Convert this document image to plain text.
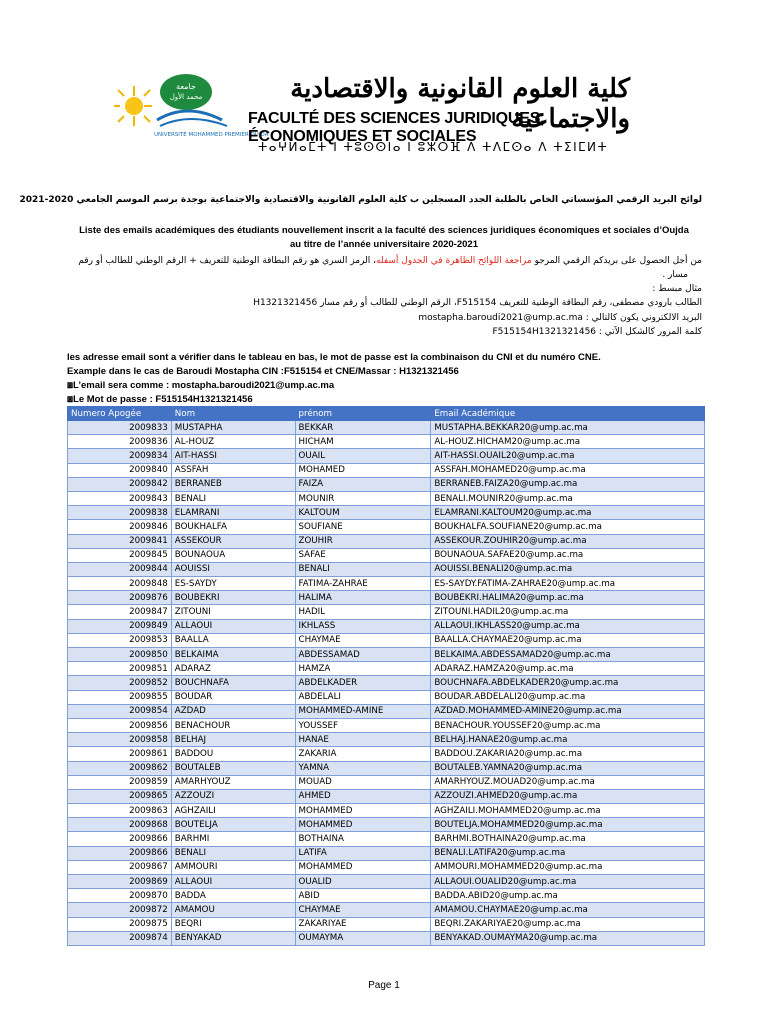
جامعة
محمد الأول
UNIVERSITÉ MOHAMMED PREMIER OUJDA
كلية العلوم القانونية والاقتصادية والاجتماعية
FACULTÉ DES SCIENCES JURIDIQUES, ÉCONOMIQUES ET SOCIALES
ⵜⴰⵖⵍⴰⵎⵜ ⵏ ⵜⵓⵙⵙⵏⴰ ⵏ ⵓⵣⵔⴼ ⴷ ⵜⴷⵎⵙⴰ ⴷ ⵜⵉⵏⵎⵍⵜ
لوائح البريد الرقمي المؤسساتي الخاص بالطلبة الجدد المسجلين ب كلية العلوم القانونية والاقتصادية والاجتماعية بوجدة برسم الموسم الجامعي 2020-2021
Liste des emails académiques des étudiants nouvellement inscrit a la faculté des sciences juridiques économiques et sociales d’Oujda
au titre de l’année universitaire 2020-2021
من أجل الحصول على بريدكم الرقمي المرجو مراجعة اللوائح الظاهرة في الجدول أسفله، الرمز السري هو رقم البطاقة الوطنية للتعريف + الرقم الوطني للطالب أو رقم
مسار .
مثال مبسط :
الطالب بارودي مصطفى، رقم البطاقة الوطنية للتعريف F515154، الرقم الوطني للطالب أو رقم مسار H1321321456
البريد الالكتروني يكون كالتالي : mostapha.baroudi2021@ump.ac.ma
كلمة المرور كالشكل الآتي : F515154H1321321456
les adresse email sont a vérifier dans le tableau en bas, le mot de passe est la combinaison du CNI et du numéro CNE.
Example dans le cas de Baroudi Mostapha CIN :F515154 et CNE/Massar : H1321321456
⧆L’email sera comme : mostapha.baroudi2021@ump.ac.ma
⧆Le Mot de passe : F515154H1321321456
Numero Apogée	Nom	prénom	Email Académique
2009833	MUSTAPHA	BEKKAR	MUSTAPHA.BEKKAR20@ump.ac.ma
2009836	AL-HOUZ	HICHAM	AL-HOUZ.HICHAM20@ump.ac.ma
2009834	AIT-HASSI	OUAIL	AIT-HASSI.OUAIL20@ump.ac.ma
2009840	ASSFAH	MOHAMED	ASSFAH.MOHAMED20@ump.ac.ma
2009842	BERRANEB	FAIZA	BERRANEB.FAIZA20@ump.ac.ma
2009843	BENALI	MOUNIR	BENALI.MOUNIR20@ump.ac.ma
2009838	ELAMRANI	KALTOUM	ELAMRANI.KALTOUM20@ump.ac.ma
2009846	BOUKHALFA	SOUFIANE	BOUKHALFA.SOUFIANE20@ump.ac.ma
2009841	ASSEKOUR	ZOUHIR	ASSEKOUR.ZOUHIR20@ump.ac.ma
2009845	BOUNAOUA	SAFAE	BOUNAOUA.SAFAE20@ump.ac.ma
2009844	AOUISSI	BENALI	AOUISSI.BENALI20@ump.ac.ma
2009848	ES-SAYDY	FATIMA-ZAHRAE	ES-SAYDY.FATIMA-ZAHRAE20@ump.ac.ma
2009876	BOUBEKRI	HALIMA	BOUBEKRI.HALIMA20@ump.ac.ma
2009847	ZITOUNI	HADIL	ZITOUNI.HADIL20@ump.ac.ma
2009849	ALLAOUI	IKHLASS	ALLAOUI.IKHLASS20@ump.ac.ma
2009853	BAALLA	CHAYMAE	BAALLA.CHAYMAE20@ump.ac.ma
2009850	BELKAIMA	ABDESSAMAD	BELKAIMA.ABDESSAMAD20@ump.ac.ma
2009851	ADARAZ	HAMZA	ADARAZ.HAMZA20@ump.ac.ma
2009852	BOUCHNAFA	ABDELKADER	BOUCHNAFA.ABDELKADER20@ump.ac.ma
2009855	BOUDAR	ABDELALI	BOUDAR.ABDELALI20@ump.ac.ma
2009854	AZDAD	MOHAMMED-AMINE	AZDAD.MOHAMMED-AMINE20@ump.ac.ma
2009856	BENACHOUR	YOUSSEF	BENACHOUR.YOUSSEF20@ump.ac.ma
2009858	BELHAJ	HANAE	BELHAJ.HANAE20@ump.ac.ma
2009861	BADDOU	ZAKARIA	BADDOU.ZAKARIA20@ump.ac.ma
2009862	BOUTALEB	YAMNA	BOUTALEB.YAMNA20@ump.ac.ma
2009859	AMARHYOUZ	MOUAD	AMARHYOUZ.MOUAD20@ump.ac.ma
2009865	AZZOUZI	AHMED	AZZOUZI.AHMED20@ump.ac.ma
2009863	AGHZAILI	MOHAMMED	AGHZAILI.MOHAMMED20@ump.ac.ma
2009868	BOUTELJA	MOHAMMED	BOUTELJA.MOHAMMED20@ump.ac.ma
2009866	BARHMI	BOTHAINA	BARHMI.BOTHAINA20@ump.ac.ma
2009866	BENALI	LATIFA	BENALI.LATIFA20@ump.ac.ma
2009867	AMMOURI	MOHAMMED	AMMOURI.MOHAMMED20@ump.ac.ma
2009869	ALLAOUI	OUALID	ALLAOUI.OUALID20@ump.ac.ma
2009870	BADDA	ABID	BADDA.ABID20@ump.ac.ma
2009872	AMAMOU	CHAYMAE	AMAMOU.CHAYMAE20@ump.ac.ma
2009875	BEQRI	ZAKARIYAE	BEQRI.ZAKARIYAE20@ump.ac.ma
2009874	BENYAKAD	OUMAYMA	BENYAKAD.OUMAYMA20@ump.ac.ma
Page 1
